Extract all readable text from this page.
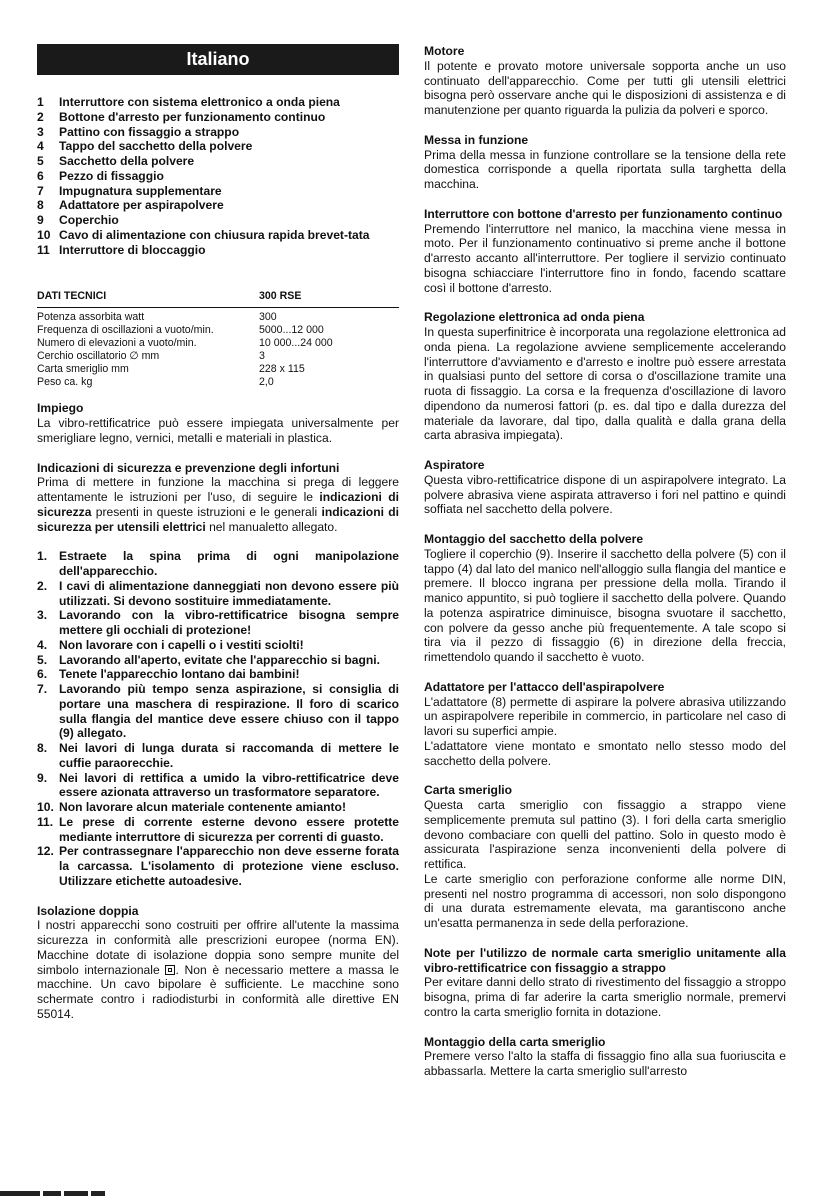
Italiano
1	Interruttore con sistema elettronico a onda piena
2	Bottone d'arresto per funzionamento continuo
3	Pattino con fissaggio a strappo
4	Tappo del sacchetto della polvere
5	Sacchetto della polvere
6	Pezzo di fissaggio
7	Impugnatura supplementare
8	Adattatore per aspirapolvere
9	Coperchio
10 Cavo di alimentazione con chiusura rapida brevet-tata
11 Interruttore di bloccaggio
DATI TECNICI	300 RSE
Potenza assorbita watt	300
Frequenza di oscillazioni a vuoto/min.	5000...12 000
Numero di elevazioni a vuoto/min.	10 000...24 000
Cerchio oscillatorio ∅ mm	3
Carta smeriglio mm	228 x 115
Peso ca. kg	2,0
Impiego

La vibro-rettificatrice può essere impiegata universalmente per smerigliare legno, vernici, metalli e materiali in plastica.

Indicazioni di sicurezza e prevenzione degli infortuni

Prima di mettere in funzione la macchina si prega di leggere attentamente le istruzioni per l'uso, di seguire le indicazioni di sicurezza presenti in queste istruzioni e le generali indicazioni di sicurezza per utensili elettrici nel manualetto allegato.

1. Estraete la spina prima di ogni manipolazione dell'apparecchio.
2. I cavi di alimentazione danneggiati non devono essere più utilizzati. Si devono sostituire immediatamente.
3. Lavorando con la vibro-rettificatrice bisogna sempre mettere gli occhiali di protezione!
4. Non lavorare con i capelli o i vestiti sciolti!
5. Lavorando all'aperto, evitate che l'apparecchio si bagni.
6. Tenete l'apparecchio lontano dai bambini!
7. Lavorando più tempo senza aspirazione, si consiglia di portare una maschera di respirazione. Il foro di scarico sulla flangia del mantice deve essere chiuso con il tappo (9) allegato.
8. Nei lavori di lunga durata si raccomanda di mettere le cuffie paraorecchie.
9. Nei lavori di rettifica a umido la vibro-rettificatrice deve essere azionata attraverso un trasformatore separatore.
10. Non lavorare alcun materiale contenente amianto!
11. Le prese di corrente esterne devono essere protette mediante interruttore di sicurezza per correnti di guasto.
12. Per contrassegnare l'apparecchio non deve esserne forata la carcassa. L'isolamento di protezione viene escluso. Utilizzare etichette autoadesive.
Isolazione doppia

I nostri apparecchi sono costruiti per offrire all'utente la massima sicurezza in conformità alle prescrizioni europee (norma EN). Macchine dotate di isolazione doppia sono sempre munite del simbolo internazionale . Non è necessario mettere a massa le macchine. Un cavo bipolare è sufficiente. Le macchine sono schermate contro i radiodisturbi in conformità alle direttive EN 55014.

Motore

Il potente e provato motore universale sopporta anche un uso continuato dell'apparecchio. Come per tutti gli utensili elettrici bisogna però osservare anche qui le disposizioni di assistenza e di manutenzione per quanto riguarda la pulizia da polveri e sporco.

Messa in funzione

Prima della messa in funzione controllare se la tensione della rete domestica corrisponde a quella riportata sulla targhetta della macchina.

Interruttore con bottone d'arresto per funzionamento continuo

Premendo l'interruttore nel manico, la macchina viene messa in moto. Per il funzionamento continuativo si preme anche il bottone d'arresto accanto all'interruttore. Per togliere il servizio continuato bisogna schiacciare l'interruttore fino in fondo, facendo scattare così il bottone d'arresto.

Regolazione elettronica ad onda piena

In questa superfinitrice è incorporata una regolazione elettronica ad onda piena. La regolazione avviene semplicemente accelerando l'interruttore d'avviamento e d'arresto e inoltre può essere arrestata in qualsiasi punto del settore di corsa o d'oscillazione tramite una ruota di fissaggio. La corsa e la frequenza d'oscillazione di lavoro dipendono da numerosi fattori (p. es. dal tipo e dalla durezza del materiale da lavorare, dal tipo, dalla qualità e dalla grana della carta abrasiva impiegata).

Aspiratore

Questa vibro-rettificatrice dispone di un aspirapolvere integrato. La polvere abrasiva viene aspirata attraverso i fori nel pattino e quindi soffiata nel sacchetto della polvere.

Montaggio del sacchetto della polvere

Togliere il coperchio (9). Inserire il sacchetto della polvere (5) con il tappo (4) dal lato del manico nell'alloggio sulla flangia del mantice e premere. Il blocco ingrana per pressione della molla. Tirando il manico appuntito, si può togliere il sacchetto della polvere. Quando la potenza aspiratrice diminuisce, bisogna svuotare il sacchetto, con polvere da gesso anche più frequentemente. A tale scopo si tira via il pezzo di fissaggio (6) in direzione della freccia, rimettendolo quando il sacchetto è vuoto.

Adattatore per l'attacco dell'aspirapolvere

L'adattatore (8) permette di aspirare la polvere abrasiva utilizzando un aspirapolvere reperibile in commercio, in particolare nel caso di lavori su superfici ampie.

L'adattatore viene montato e smontato nello stesso modo del sacchetto della polvere.

Carta smeriglio

Questa carta smeriglio con fissaggio a strappo viene semplicemente premuta sul pattino (3). I fori della carta smeriglio devono combaciare con quelli del pattino. Solo in questo modo è assicurata l'aspirazione senza inconvenienti della polvere di rettifica.

Le carte smeriglio con perforazione conforme alle norme DIN, presenti nel nostro programma di accessori, non solo dispongono di una durata estremamente elevata, ma garantiscono anche un'esatta permanenza in sede della perforazione.

Note per l'utilizzo de normale carta smeriglio unitamente alla vibro-rettificatrice con fissaggio a strappo

Per evitare danni dello strato di rivestimento del fissaggio a stroppo bisogna, prima di far aderire la carta smeriglio normale, premervi contro la carta smeriglio fornita in dotazione.

Montaggio della carta smeriglio

Premere verso l'alto la staffa di fissaggio fino alla sua fuoriuscita e abbassarla. Mettere la carta smeriglio sull'arresto
